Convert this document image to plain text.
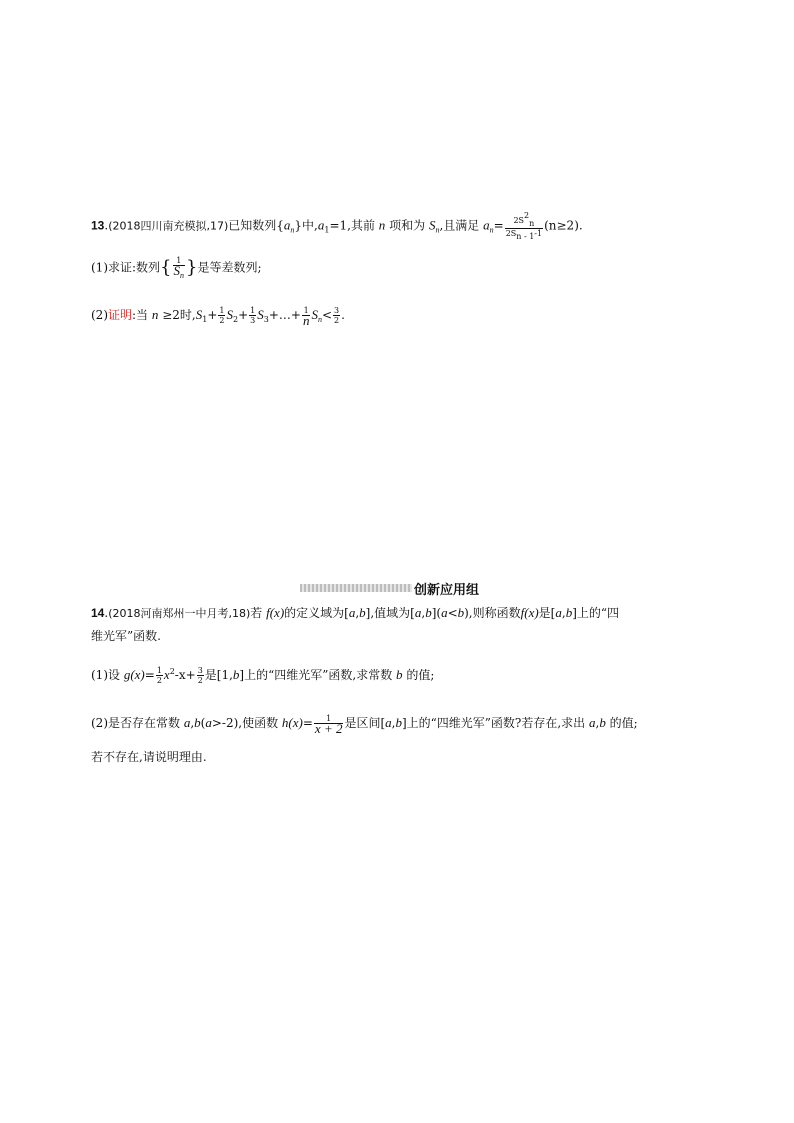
13.(2018四川南充模拟,17)已知数列$\{a_n\}$中$,a_1=1$,其前 n 项和为 $S_n$,且满足 $a_n= \frac{2S2n}{2Sn - 1-1} (n\ge 2)$.
(1)求证:数列{ $\frac{1}{Sn}$ }是等差数列;
(2)证明:当 n ≥2时$,S_1+ \frac{1}{2} S_2+ \frac{1}{3}$ $S_3+\dots+ \frac{1}{n} S_n< \frac{3}{2}$ .
创新应用组
14.(2018河南郑州一中月考,18)若 f(x)的定义域为[a,b],值域为[a,b](a<b),则称函数f(x)是[a,b]上的“四
维光军”函数.
(1)设 $g(x)= \frac{1}{2} x^2-x+ \frac{3}{2}$ 是[1,b]上的“四维光军”函数,求常数 b 的值;
(2)是否存在常数 a,b(a>-2),使函数 $h(x)= \frac{1}{x + 2}$ 是区间[a,b]上的“四维光军”函数?若存在,求出 a,b 的值;
若不存在,请说明理由.
